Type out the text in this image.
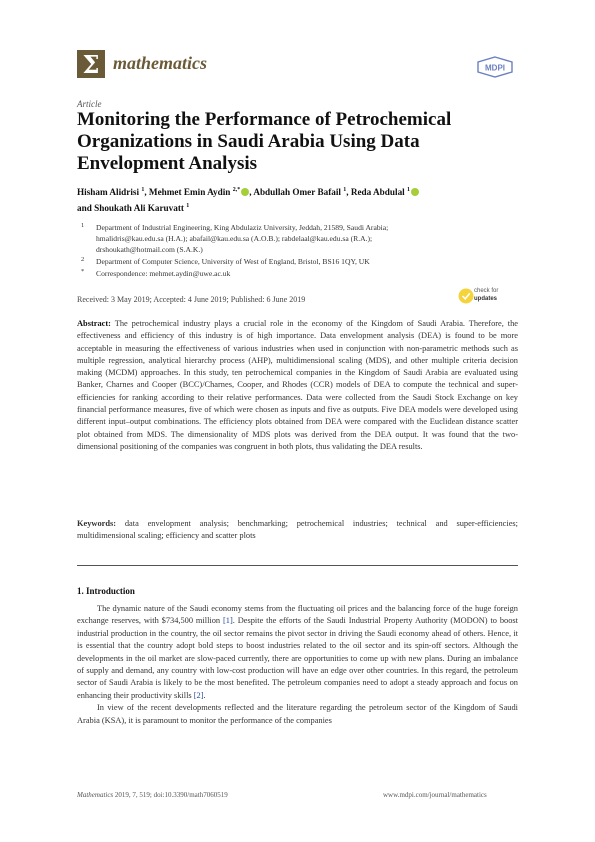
Σ mathematics	MDPI
Article
Monitoring the Performance of Petrochemical Organizations in Saudi Arabia Using Data Envelopment Analysis
Hisham Alidrisi $^1$, Mehmet Emin Aydin $^{2,*}$ , Abdullah Omer Bafail $^1$, Reda Abdulal $^1$
and Shoukath Ali Karuvatt $^1$
1 Department of Industrial Engineering, King Abdulaziz University, Jeddah, 21589, Saudi Arabia;
hmalidris@kau.edu.sa (H.A.); abafail@kau.edu.sa (A.O.B.); rabdelaal@kau.edu.sa (R.A.);
drshoukath@hotmail.com (S.A.K.)
2 Department of Computer Science, University of West of England, Bristol, BS16 1QY, UK
* Correspondence: mehmet.aydin@uwe.ac.uk
Received: 3 May 2019; Accepted: 4 June 2019; Published: 6 June 2019
check for
updates
Abstract: The petrochemical industry plays a crucial role in the economy of the Kingdom of Saudi Arabia. Therefore, the effectiveness and efficiency of this industry is of high importance. Data envelopment analysis (DEA) is found to be more acceptable in measuring the effectiveness of various industries when used in conjunction with non-parametric methods such as multiple regression, analytical hierarchy process (AHP), multidimensional scaling (MDS), and other multiple criteria decision making (MCDM) approaches. In this study, ten petrochemical companies in the Kingdom of Saudi Arabia are evaluated using Banker, Charnes and Cooper (BCC)/Charnes, Cooper, and Rhodes (CCR) models of DEA to compute the technical and super-efficiencies for ranking according to their relative performances. Data were collected from the Saudi Stock Exchange on key financial performance measures, five of which were chosen as inputs and five as outputs. Five DEA models were developed using different input–output combinations. The efficiency plots obtained from DEA were compared with the Euclidean distance scatter plot obtained from MDS. The dimensionality of MDS plots was derived from the DEA output. It was found that the two-dimensional positioning of the companies was congruent in both plots, thus validating the DEA results.
Keywords: data envelopment analysis; benchmarking; petrochemical industries; technical and super-efficiencies; multidimensional scaling; efficiency and scatter plots
1. Introduction

The dynamic nature of the Saudi economy stems from the fluctuating oil prices and the balancing force of the huge foreign exchange reserves, with $734,500 million [1]. Despite the efforts of the Saudi Industrial Property Authority (MODON) to boost industrial production in the country, the oil sector remains the pivot sector in driving the Saudi economy ahead of others. Hence, it is essential that the country adopt bold steps to boost industries related to the oil sector and its spin-off sectors. Although the developments in the oil market are slow-paced currently, there are opportunities to come up with new plans. During an imbalance of supply and demand, any country with low-cost production will have an edge over other countries. In this regard, the petroleum sector of Saudi Arabia is likely to be the most benefited. The petroleum companies need to adopt a steady approach and focus on enhancing their productivity skills [2].

In view of the recent developments reflected and the literature regarding the petroleum sector of the Kingdom of Saudi Arabia (KSA), it is paramount to monitor the performance of the companies

Mathematics 2019, 7, 519; doi:10.3390/math7060519	www.mdpi.com/journal/mathematics
